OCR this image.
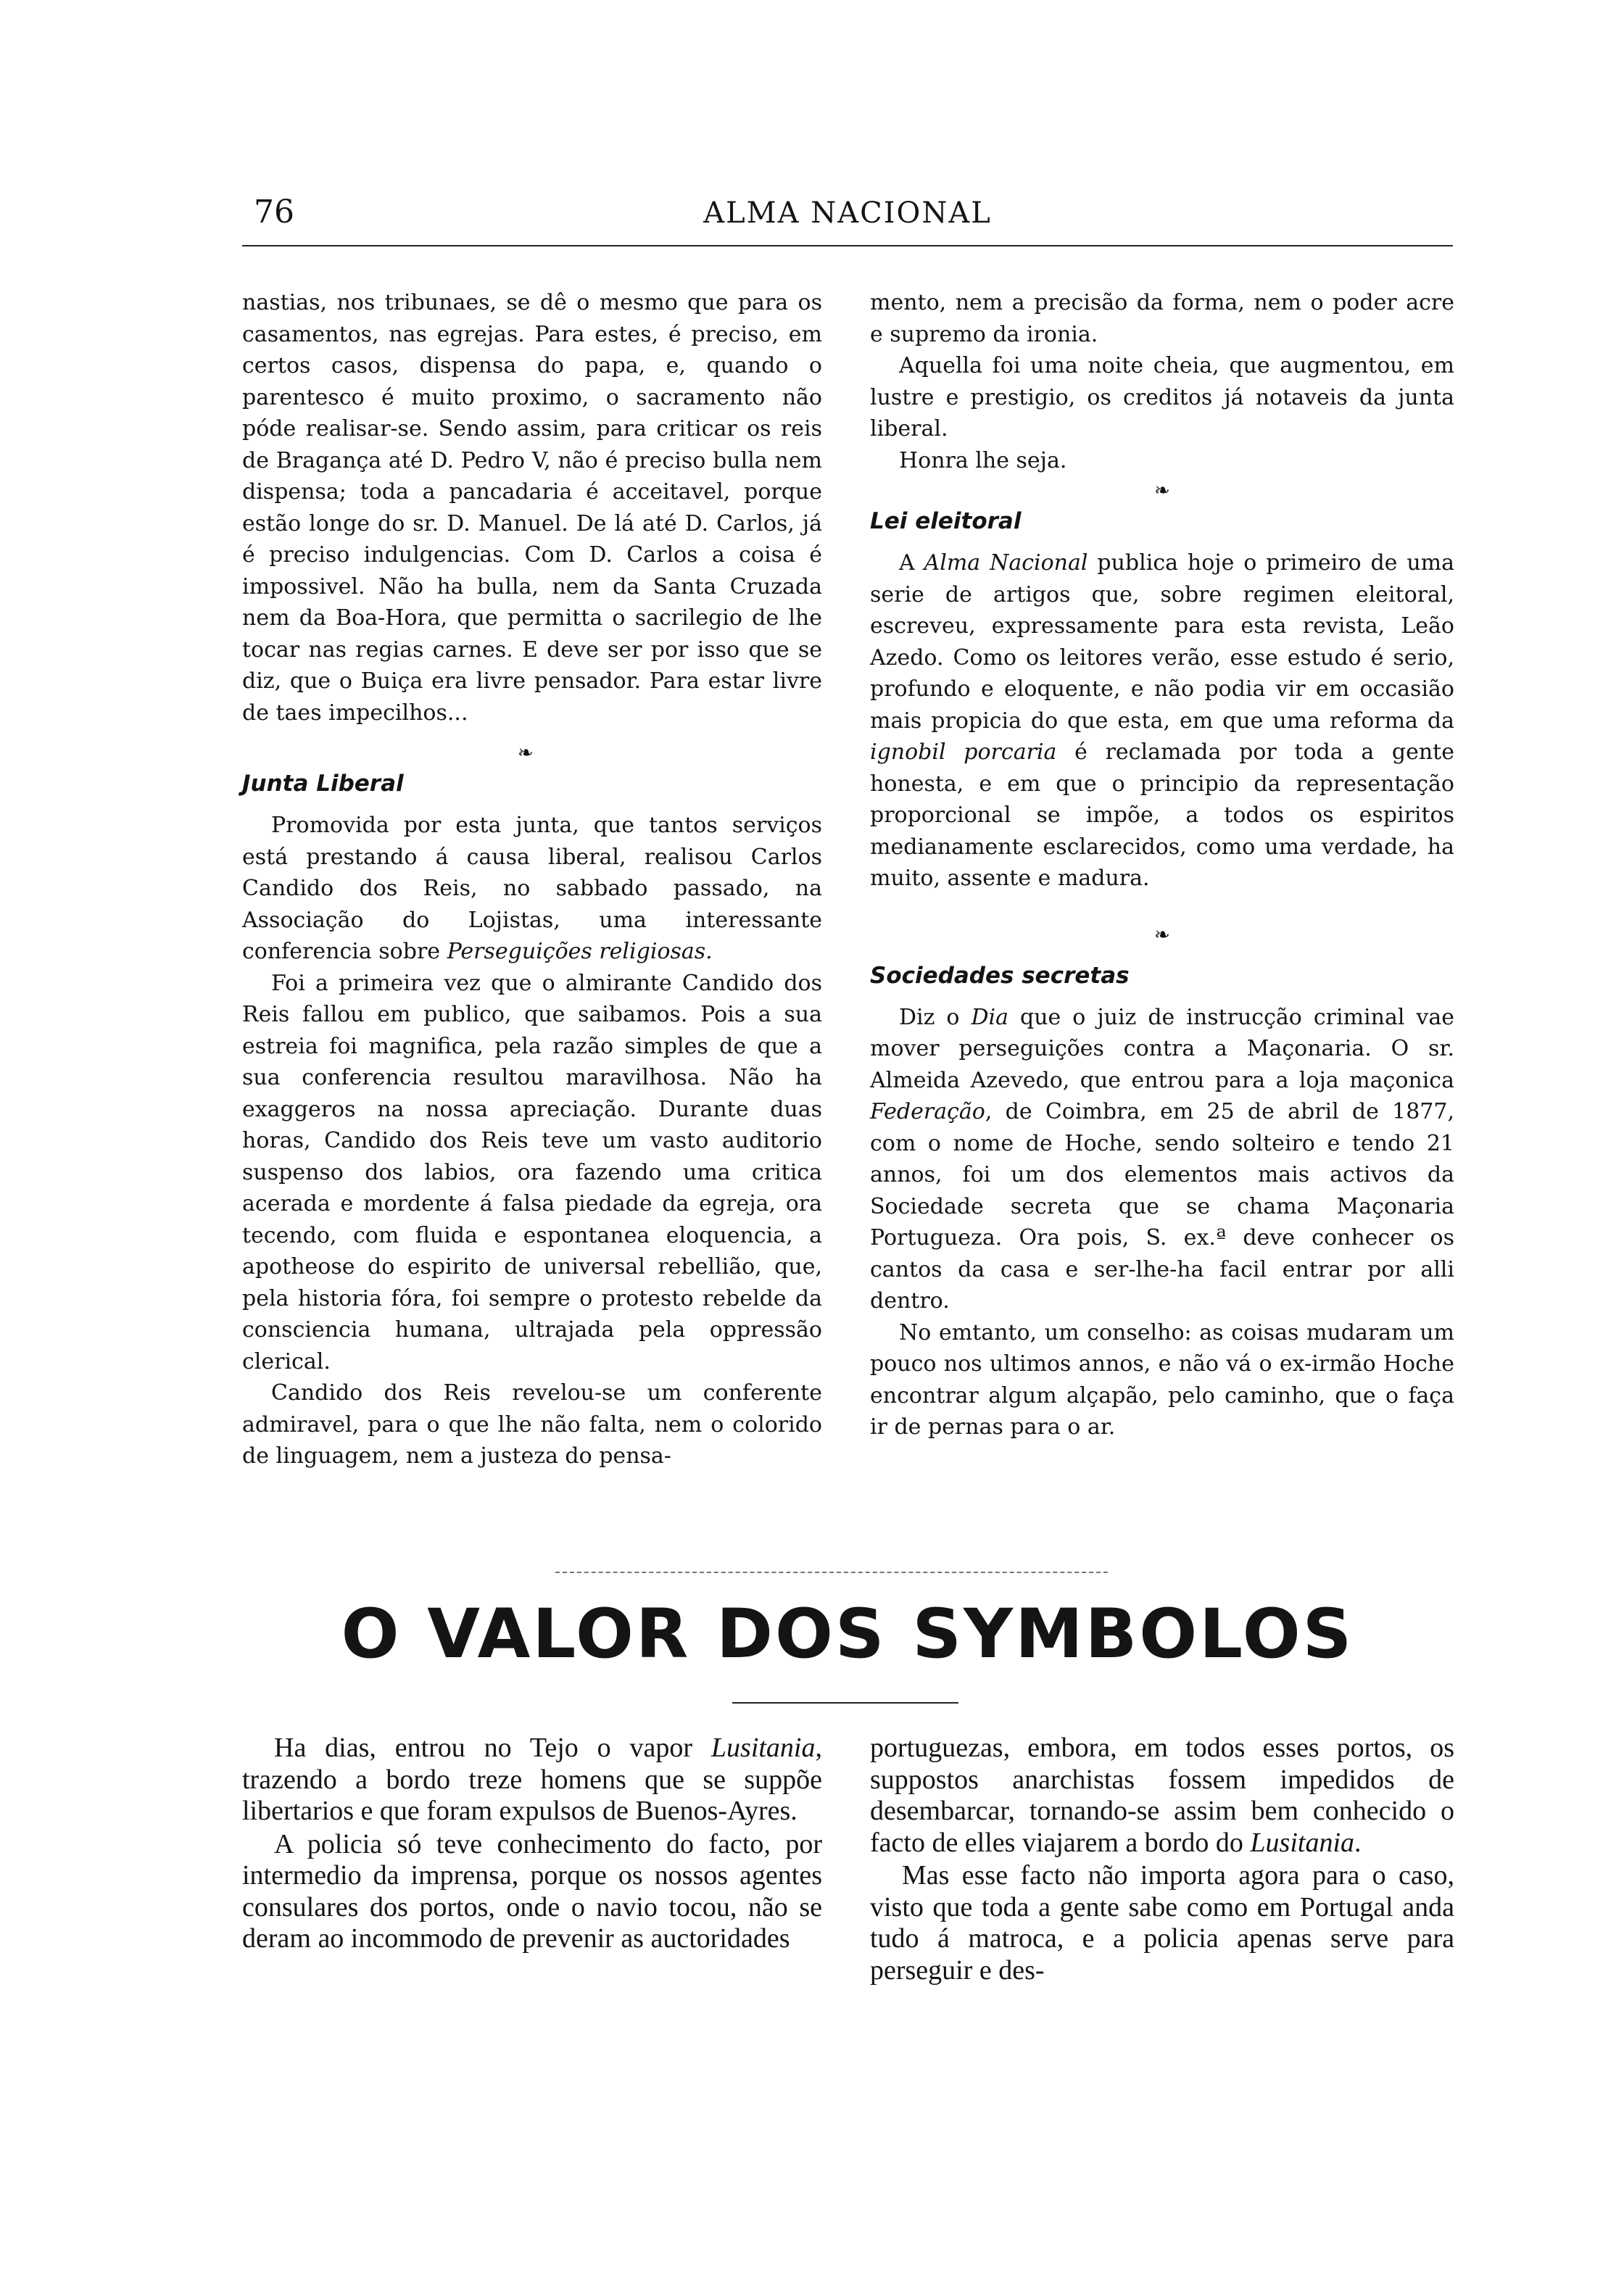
76	ALMA NACIONAL

nastias, nos tribunaes, se dê o mesmo que para os casamentos, nas egrejas. Para estes, é preciso, em certos casos, dispensa do papa, e, quando o parentesco é muito proximo, o sacramento não póde realisar-se. Sendo assim, para criticar os reis de Bragança até D. Pedro V, não é preciso bulla nem dispensa; toda a pancadaria é acceitavel, porque estão longe do sr. D. Manuel. De lá até D. Carlos, já é preciso indulgencias. Com D. Carlos a coisa é impossivel. Não ha bulla, nem da Santa Cruzada nem da Boa-Hora, que permitta o sacrilegio de lhe tocar nas regias carnes. E deve ser por isso que se diz, que o Buiça era livre pensador. Para estar livre de taes impecilhos...

❧
Junta Liberal

Promovida por esta junta, que tantos serviços está prestando á causa liberal, realisou Carlos Candido dos Reis, no sabbado passado, na Associação do Lojistas, uma interessante conferencia sobre Perseguições religiosas.

Foi a primeira vez que o almirante Candido dos Reis fallou em publico, que saibamos. Pois a sua estreia foi magnifica, pela razão simples de que a sua conferencia resultou maravilhosa. Não ha exaggeros na nossa apreciação. Durante duas horas, Candido dos Reis teve um vasto auditorio suspenso dos labios, ora fazendo uma critica acerada e mordente á falsa piedade da egreja, ora tecendo, com fluida e espontanea eloquencia, a apotheose do espirito de universal rebellião, que, pela historia fóra, foi sempre o protesto rebelde da consciencia humana, ultrajada pela oppressão clerical.

Candido dos Reis revelou-se um conferente admiravel, para o que lhe não falta, nem o colorido de linguagem, nem a justeza do pensa-

mento, nem a precisão da forma, nem o poder acre e supremo da ironia.

Aquella foi uma noite cheia, que augmentou, em lustre e prestigio, os creditos já notaveis da junta liberal.

Honra lhe seja.

❧
Lei eleitoral

A Alma Nacional publica hoje o primeiro de uma serie de artigos que, sobre regimen eleitoral, escreveu, expressamente para esta revista, Leão Azedo. Como os leitores verão, esse estudo é serio, profundo e eloquente, e não podia vir em occasião mais propicia do que esta, em que uma reforma da ignobil porcaria é reclamada por toda a gente honesta, e em que o principio da representação proporcional se impõe, a todos os espiritos medianamente esclarecidos, como uma verdade, ha muito, assente e madura.

❧
Sociedades secretas

Diz o Dia que o juiz de instrucção criminal vae mover perseguições contra a Maçonaria. O sr. Almeida Azevedo, que entrou para a loja maçonica Federação, de Coimbra, em 25 de abril de 1877, com o nome de Hoche, sendo solteiro e tendo 21 annos, foi um dos elementos mais activos da Sociedade secreta que se chama Maçonaria Portugueza. Ora pois, S. ex.ª deve conhecer os cantos da casa e ser-lhe-ha facil entrar por alli dentro.

No emtanto, um conselho: as coisas mudaram um pouco nos ultimos annos, e não vá o ex-irmão Hoche encontrar algum alçapão, pelo caminho, que o faça ir de pernas para o ar.

O VALOR DOS SYMBOLOS

Ha dias, entrou no Tejo o vapor Lusitania, trazendo a bordo treze homens que se suppõe libertarios e que foram expulsos de Buenos-Ayres.

A policia só teve conhecimento do facto, por intermedio da imprensa, porque os nossos agentes consulares dos portos, onde o navio tocou, não se deram ao incommodo de prevenir as auctoridades

portuguezas, embora, em todos esses portos, os suppostos anarchistas fossem impedidos de desembarcar, tornando-se assim bem conhecido o facto de elles viajarem a bordo do Lusitania.

Mas esse facto não importa agora para o caso, visto que toda a gente sabe como em Portugal anda tudo á matroca, e a policia apenas serve para perseguir e des-
